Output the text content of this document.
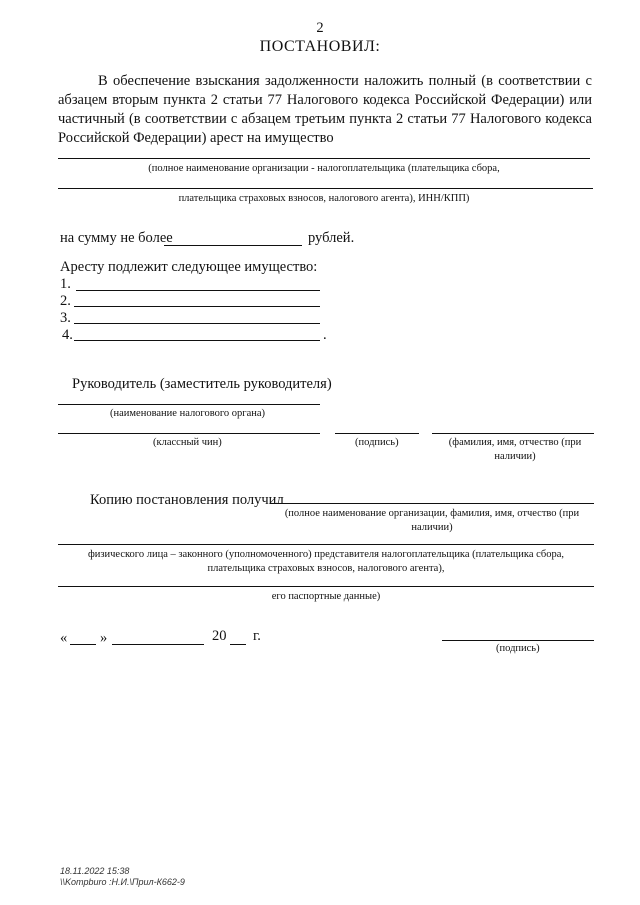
2
ПОСТАНОВИЛ:
В обеспечение взыскания задолженности наложить полный (в соответствии с абзацем вторым пункта 2 статьи 77 Налогового кодекса Российской Федерации) или частичный (в соответствии с абзацем третьим пункта 2 статьи 77 Налогового кодекса Российской Федерации) арест на имущество
(полное наименование организации - налогоплательщика (плательщика сбора,
плательщика страховых взносов, налогового агента), ИНН/КПП)
на сумму не более	рублей.
Аресту подлежит следующее имущество:
1.
2.
3.
4.	.
Руководитель (заместитель руководителя)
(наименование налогового органа)
(классный чин)	(подпись)	(фамилия, имя, отчество (при наличии)
Копию постановления получил
(полное наименование организации, фамилия, имя, отчество (при наличии)
физического лица – законного (уполномоченного) представителя налогоплательщика (плательщика сбора, плательщика страховых взносов, налогового агента),
его паспортные данные)
« »	20 г.
(подпись)
18.11.2022 15:38
\\Kompburo :Н.И.\Прил-К662-9
